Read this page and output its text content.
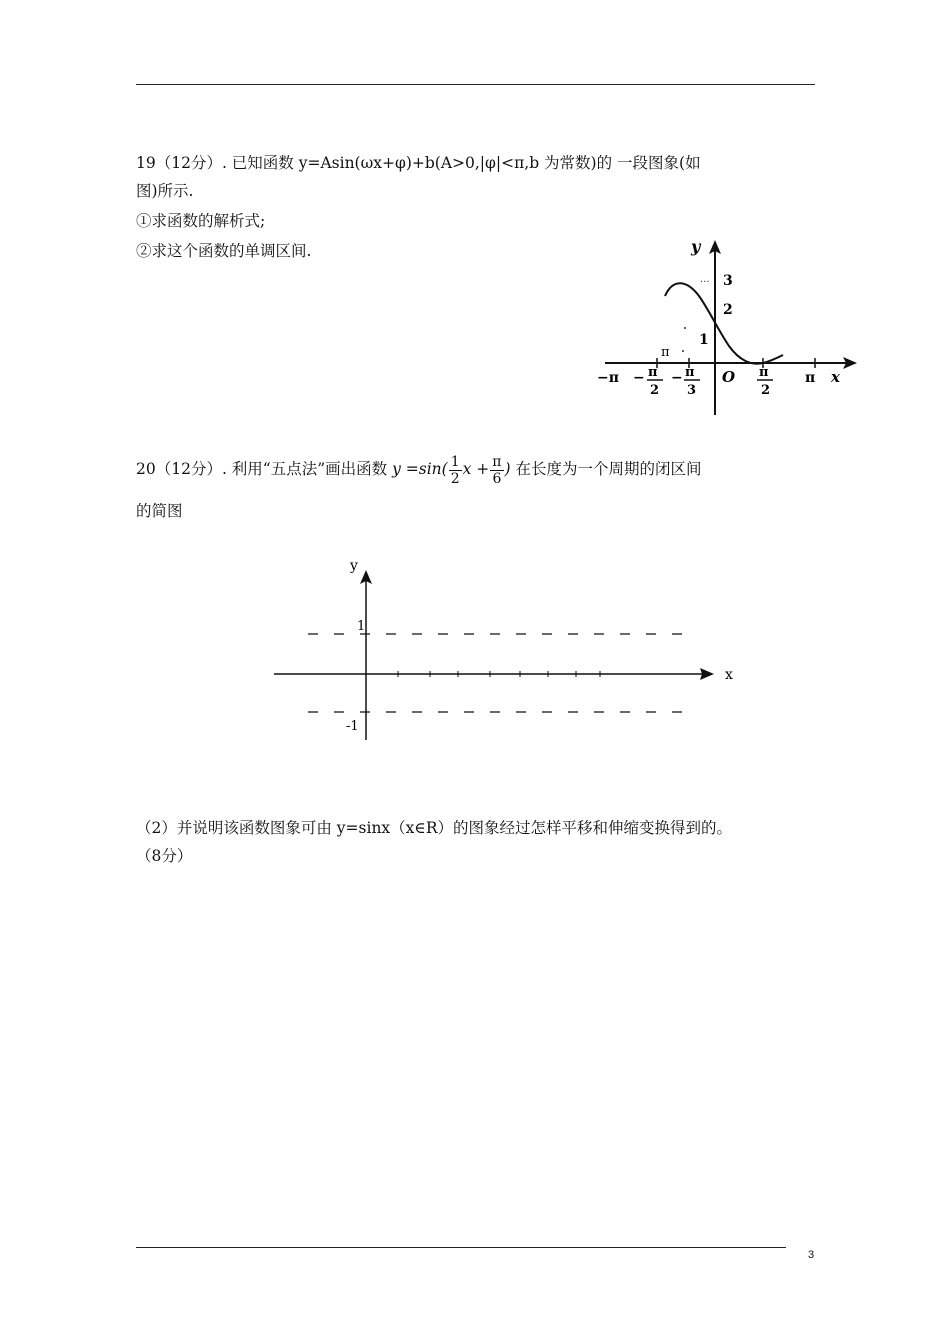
19（12分）. 已知函数 y=Asin(ωx+φ)+b(A>0,|φ|<π,b 为常数)的 一段图象(如
图)所示.
①求函数的解析式;
②求这个函数的单调区间.
...
y
3
2
1
π
O	x
−π − π
2
− π
3
π
2
π
20（12分）. 利用“五点法”画出函数 $y =\sin( \frac{1}{2}$ $x + \frac{\pi}{6}$ ) 在长度为一个周期的闭区间
的简图
y
x
1
-1
（2）并说明该函数图象可由 y=sinx（x∈R）的图象经过怎样平移和伸缩变换得到的。
（8分）
3
